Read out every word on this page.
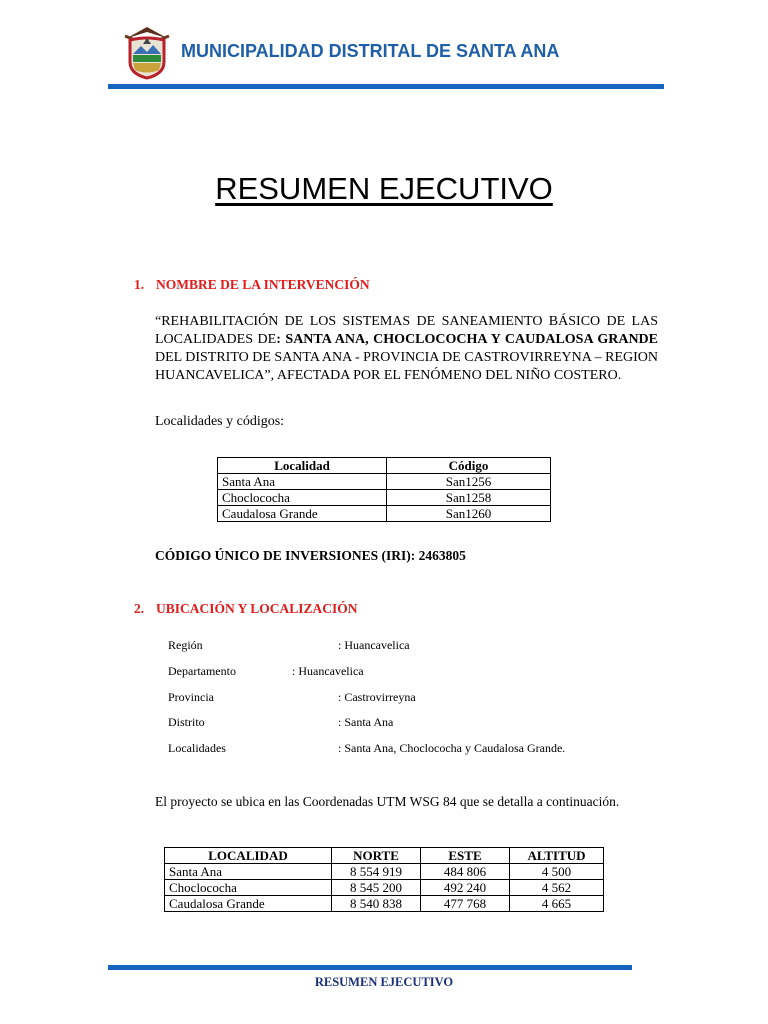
MUNICIPALIDAD DISTRITAL DE SANTA ANA
RESUMEN EJECUTIVO
1. NOMBRE DE LA INTERVENCIÓN
“REHABILITACIÓN DE LOS SISTEMAS DE SANEAMIENTO BÁSICO DE LAS LOCALIDADES DE: SANTA ANA, CHOCLOCOCHA Y CAUDALOSA GRANDE DEL DISTRITO DE SANTA ANA - PROVINCIA DE CASTROVIRREYNA – REGION HUANCAVELICA”, AFECTADA POR EL FENÓMENO DEL NIÑO COSTERO.
Localidades y códigos:
Localidad	Código
Santa Ana	San1256
Choclococha	San1258
Caudalosa Grande	San1260
CÓDIGO ÚNICO DE INVERSIONES (IRI): 2463805
2. UBICACIÓN Y LOCALIZACIÓN
Región	: Huancavelica
Departamento	: Huancavelica
Provincia	: Castrovirreyna
Distrito	: Santa Ana
Localidades	: Santa Ana, Choclococha y Caudalosa Grande.
El proyecto se ubica en las Coordenadas UTM WSG 84 que se detalla a continuación.
LOCALIDAD	NORTE	ESTE	ALTITUD
Santa Ana	8 554 919	484 806	4 500
Choclococha	8 545 200	492 240	4 562
Caudalosa Grande	8 540 838	477 768	4 665
RESUMEN EJECUTIVO
